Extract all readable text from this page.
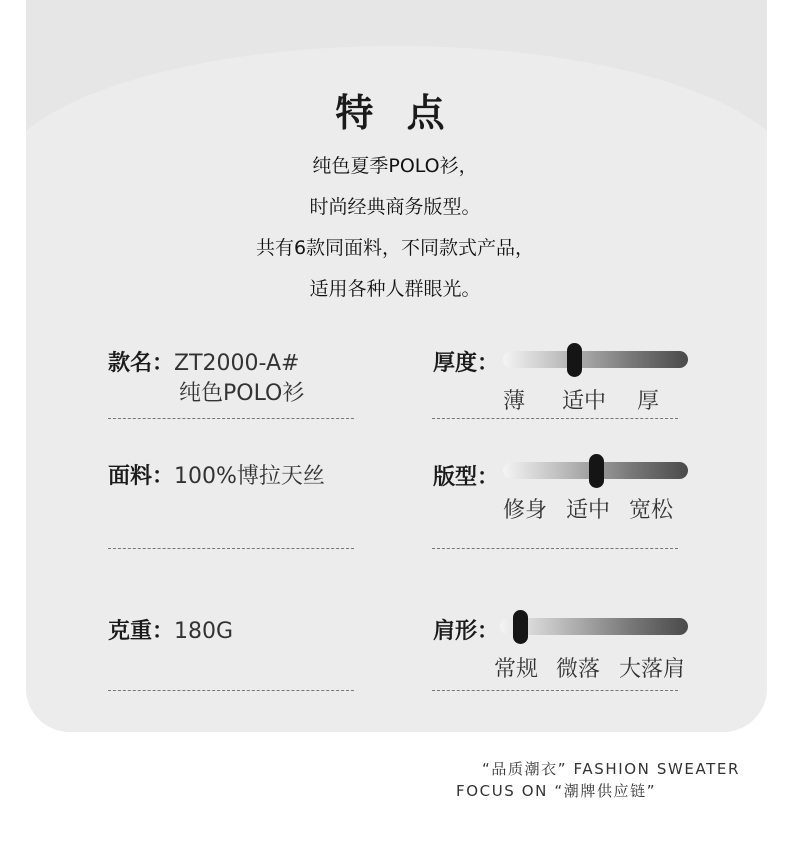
特 点
纯色夏季POLO衫，
时尚经典商务版型。
共有6款同面料，不同款式产品，
适用各种人群眼光。
款名：ZT2000-A#
纯色POLO衫
面料：100%博拉天丝
克重：180G
厚度：
薄 适中 厚
版型：
修身 适中 宽松
肩形：
常规 微落 大落肩
“品质潮衣” FASHION SWEATER
FOCUS ON “潮牌供应链”
